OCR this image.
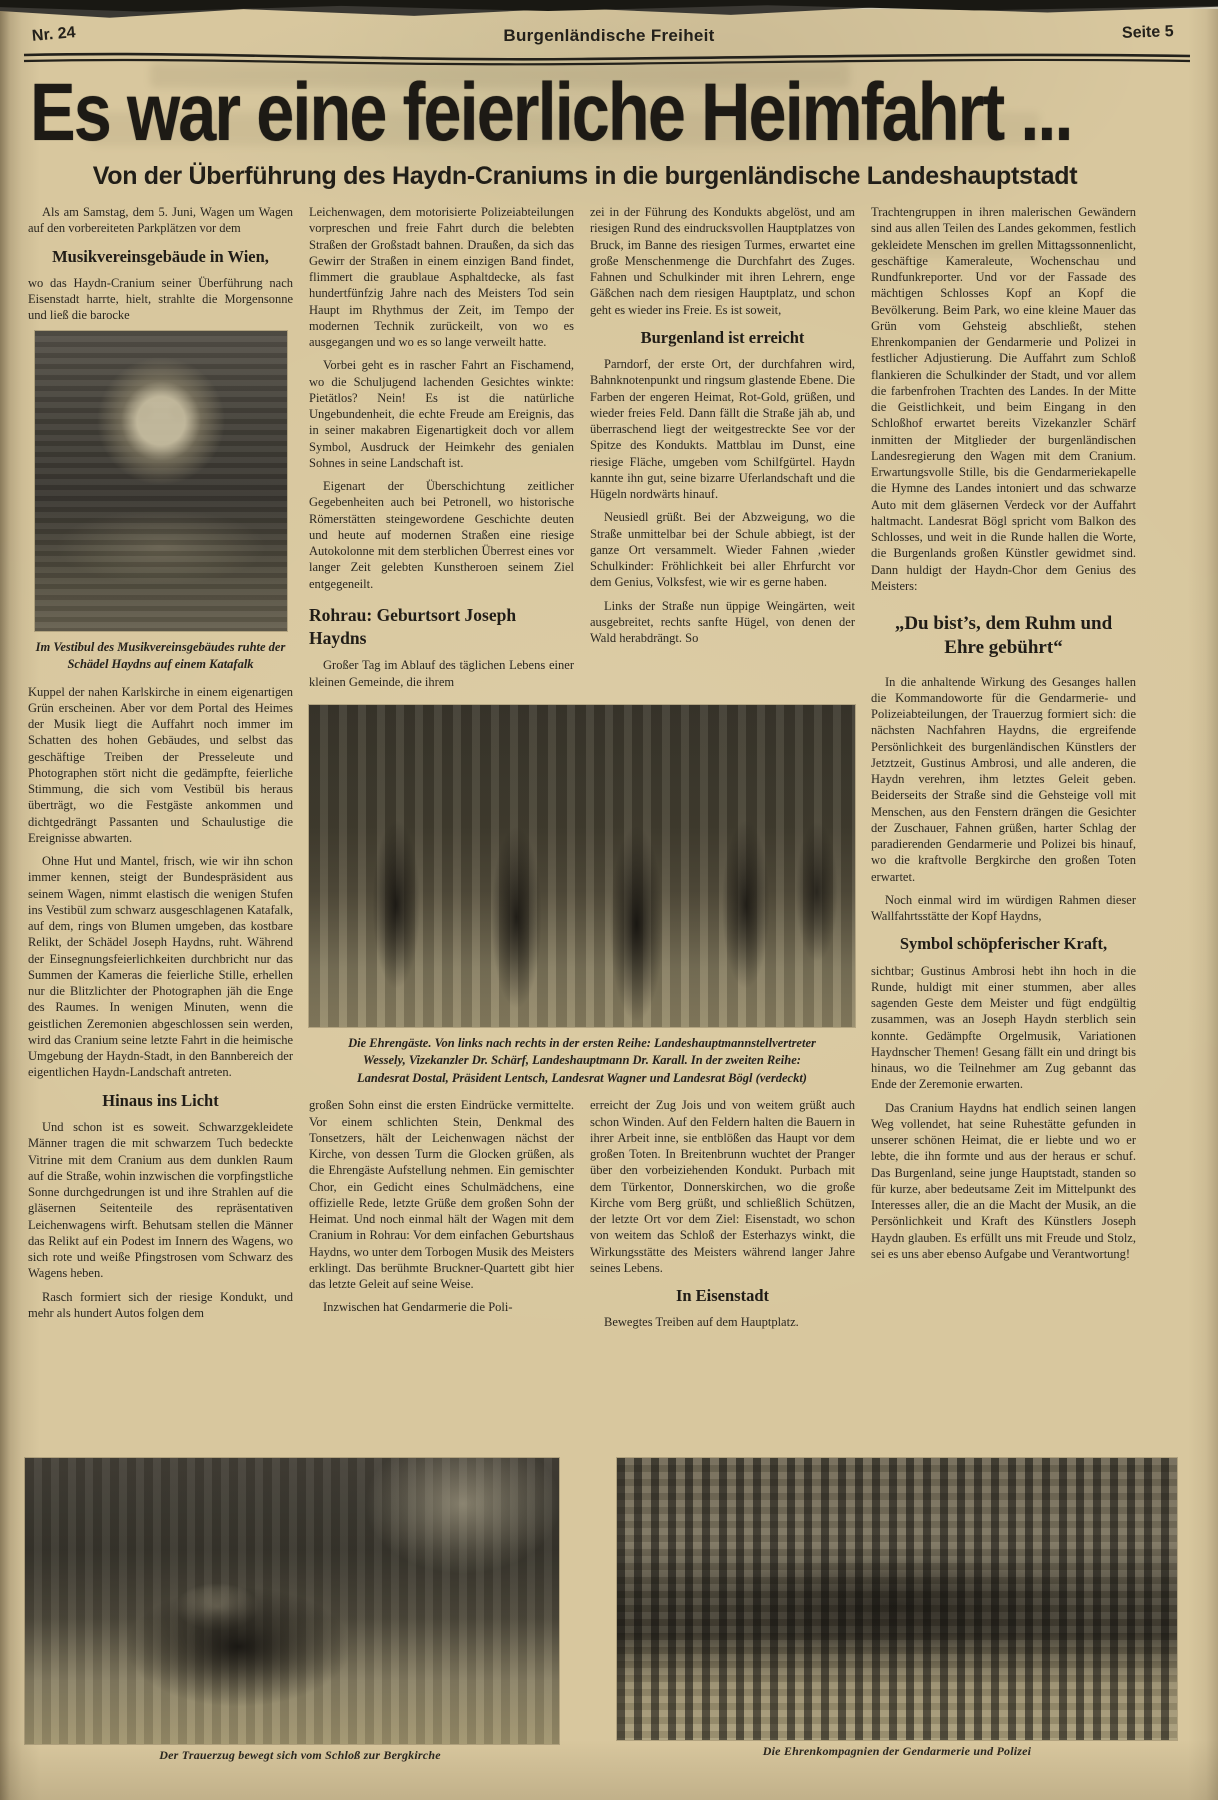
Burgenländische Freiheit
Nr. 24	Seite 5
Es war eine feierliche Heimfahrt ...
Von der Überführung des Haydn-Craniums in die burgenländische Landeshauptstadt

Als am Samstag, dem 5. Juni, Wagen um Wagen auf den vorbereiteten Parkplätzen vor dem

Musikvereinsgebäude in Wien,

wo das Haydn-Cranium seiner Überführung nach Eisenstadt harrte, hielt, strahlte die Morgensonne und ließ die barocke

Im Vestibul des Musikvereinsgebäudes ruhte der Schädel Haydns auf einem Katafalk

Kuppel der nahen Karlskirche in einem eigenartigen Grün erscheinen. Aber vor dem Portal des Heimes der Musik liegt die Auffahrt noch immer im Schatten des hohen Gebäudes, und selbst das geschäftige Treiben der Presseleute und Photographen stört nicht die gedämpfte, feierliche Stimmung, die sich vom Vestibül bis heraus überträgt, wo die Festgäste ankommen und dichtgedrängt Passanten und Schaulustige die Ereignisse abwarten.

Ohne Hut und Mantel, frisch, wie wir ihn schon immer kennen, steigt der Bundespräsident aus seinem Wagen, nimmt elastisch die wenigen Stufen ins Vestibül zum schwarz ausgeschlagenen Katafalk, auf dem, rings von Blumen umgeben, das kostbare Relikt, der Schädel Joseph Haydns, ruht. Während der Einsegnungsfeierlichkeiten durchbricht nur das Summen der Kameras die feierliche Stille, erhellen nur die Blitzlichter der Photographen jäh die Enge des Raumes. In wenigen Minuten, wenn die geistlichen Zeremonien abgeschlossen sein werden, wird das Cranium seine letzte Fahrt in die heimische Umgebung der Haydn-Stadt, in den Bannbereich der eigentlichen Haydn-Landschaft antreten.

Hinaus ins Licht

Und schon ist es soweit. Schwarzgekleidete Männer tragen die mit schwarzem Tuch bedeckte Vitrine mit dem Cranium aus dem dunklen Raum auf die Straße, wohin inzwischen die vorpfingstliche Sonne durchgedrungen ist und ihre Strahlen auf die gläsernen Seitenteile des repräsentativen Leichenwagens wirft. Behutsam stellen die Männer das Relikt auf ein Podest im Innern des Wagens, wo sich rote und weiße Pfingstrosen vom Schwarz des Wagens heben.

Rasch formiert sich der riesige Kondukt, und mehr als hundert Autos folgen dem

Leichenwagen, dem motorisierte Polizeiabteilungen vorpreschen und freie Fahrt durch die belebten Straßen der Großstadt bahnen. Draußen, da sich das Gewirr der Straßen in einem einzigen Band findet, flimmert die graublaue Asphaltdecke, als fast hundertfünfzig Jahre nach des Meisters Tod sein Haupt im Rhythmus der Zeit, im Tempo der modernen Technik zurückeilt, von wo es ausgegangen und wo es so lange verweilt hatte.

Vorbei geht es in rascher Fahrt an Fischamend, wo die Schuljugend lachenden Gesichtes winkte: Pietätlos? Nein! Es ist die natürliche Ungebundenheit, die echte Freude am Ereignis, das in seiner makabren Eigenartigkeit doch vor allem Symbol, Ausdruck der Heimkehr des genialen Sohnes in seine Landschaft ist.

Eigenart der Überschichtung zeitlicher Gegebenheiten auch bei Petronell, wo historische Römerstätten steingewordene Geschichte deuten und heute auf modernen Straßen eine riesige Autokolonne mit dem sterblichen Überrest eines vor langer Zeit gelebten Kunstheroen seinem Ziel entgegeneilt.

Rohrau: Geburtsort Joseph Haydns

Großer Tag im Ablauf des täglichen Lebens einer kleinen Gemeinde, die ihrem

zei in der Führung des Kondukts abgelöst, und am riesigen Rund des eindrucksvollen Hauptplatzes von Bruck, im Banne des riesigen Turmes, erwartet eine große Menschenmenge die Durchfahrt des Zuges. Fahnen und Schulkinder mit ihren Lehrern, enge Gäßchen nach dem riesigen Hauptplatz, und schon geht es wieder ins Freie. Es ist soweit,

Burgenland ist erreicht

Parndorf, der erste Ort, der durchfahren wird, Bahnknotenpunkt und ringsum glastende Ebene. Die Farben der engeren Heimat, Rot-Gold, grüßen, und wieder freies Feld. Dann fällt die Straße jäh ab, und überraschend liegt der weitgestreckte See vor der Spitze des Kondukts. Mattblau im Dunst, eine riesige Fläche, umgeben vom Schilfgürtel. Haydn kannte ihn gut, seine bizarre Uferlandschaft und die Hügeln nordwärts hinauf.

Neusiedl grüßt. Bei der Abzweigung, wo die Straße unmittelbar bei der Schule abbiegt, ist der ganze Ort versammelt. Wieder Fahnen ,wieder Schulkinder: Fröhlichkeit bei aller Ehrfurcht vor dem Genius, Volksfest, wie wir es gerne haben.

Links der Straße nun üppige Weingärten, weit ausgebreitet, rechts sanfte Hügel, von denen der Wald herabdrängt. So

Die Ehrengäste. Von links nach rechts in der ersten Reihe: Landeshauptmannstellvertreter Wessely, Vizekanzler Dr. Schärf, Landeshauptmann Dr. Karall. In der zweiten Reihe: Landesrat Dostal, Präsident Lentsch, Landesrat Wagner und Landesrat Bögl (verdeckt)

großen Sohn einst die ersten Eindrücke vermittelte. Vor einem schlichten Stein, Denkmal des Tonsetzers, hält der Leichenwagen nächst der Kirche, von dessen Turm die Glocken grüßen, als die Ehrengäste Aufstellung nehmen. Ein gemischter Chor, ein Gedicht eines Schulmädchens, eine offizielle Rede, letzte Grüße dem großen Sohn der Heimat. Und noch einmal hält der Wagen mit dem Cranium in Rohrau: Vor dem einfachen Geburtshaus Haydns, wo unter dem Torbogen Musik des Meisters erklingt. Das berühmte Bruckner-Quartett gibt hier das letzte Geleit auf seine Weise.

Inzwischen hat Gendarmerie die Poli-

erreicht der Zug Jois und von weitem grüßt auch schon Winden. Auf den Feldern halten die Bauern in ihrer Arbeit inne, sie entblößen das Haupt vor dem großen Toten. In Breitenbrunn wuchtet der Pranger über den vorbeiziehenden Kondukt. Purbach mit dem Türkentor, Donnerskirchen, wo die große Kirche vom Berg grüßt, und schließlich Schützen, der letzte Ort vor dem Ziel: Eisenstadt, wo schon von weitem das Schloß der Esterhazys winkt, die Wirkungsstätte des Meisters während langer Jahre seines Lebens.

In Eisenstadt

Bewegtes Treiben auf dem Hauptplatz.

Trachtengruppen in ihren malerischen Gewändern sind aus allen Teilen des Landes gekommen, festlich gekleidete Menschen im grellen Mittagssonnenlicht, geschäftige Kameraleute, Wochenschau und Rundfunkreporter. Und vor der Fassade des mächtigen Schlosses Kopf an Kopf die Bevölkerung. Beim Park, wo eine kleine Mauer das Grün vom Gehsteig abschließt, stehen Ehrenkompanien der Gendarmerie und Polizei in festlicher Adjustierung. Die Auffahrt zum Schloß flankieren die Schulkinder der Stadt, und vor allem die farbenfrohen Trachten des Landes. In der Mitte die Geistlichkeit, und beim Eingang in den Schloßhof erwartet bereits Vizekanzler Schärf inmitten der Mitglieder der burgenländischen Landesregierung den Wagen mit dem Cranium. Erwartungsvolle Stille, bis die Gendarmeriekapelle die Hymne des Landes intoniert und das schwarze Auto mit dem gläsernen Verdeck vor der Auffahrt haltmacht. Landesrat Bögl spricht vom Balkon des Schlosses, und weit in die Runde hallen die Worte, die Burgenlands großen Künstler gewidmet sind. Dann huldigt der Haydn-Chor dem Genius des Meisters:

„Du bist’s, dem Ruhm und Ehre gebührt“

In die anhaltende Wirkung des Gesanges hallen die Kommandoworte für die Gendarmerie- und Polizeiabteilungen, der Trauerzug formiert sich: die nächsten Nachfahren Haydns, die ergreifende Persönlichkeit des burgenländischen Künstlers der Jetztzeit, Gustinus Ambrosi, und alle anderen, die Haydn verehren, ihm letztes Geleit geben. Beiderseits der Straße sind die Gehsteige voll mit Menschen, aus den Fenstern drängen die Gesichter der Zuschauer, Fahnen grüßen, harter Schlag der paradierenden Gendarmerie und Polizei bis hinauf, wo die kraftvolle Bergkirche den großen Toten erwartet.

Noch einmal wird im würdigen Rahmen dieser Wallfahrtsstätte der Kopf Haydns,

Symbol schöpferischer Kraft,

sichtbar; Gustinus Ambrosi hebt ihn hoch in die Runde, huldigt mit einer stummen, aber alles sagenden Geste dem Meister und fügt endgültig zusammen, was an Joseph Haydn sterblich sein konnte. Gedämpfte Orgelmusik, Variationen Haydnscher Themen! Gesang fällt ein und dringt bis hinaus, wo die Teilnehmer am Zug gebannt das Ende der Zeremonie erwarten.

Das Cranium Haydns hat endlich seinen langen Weg vollendet, hat seine Ruhestätte gefunden in unserer schönen Heimat, die er liebte und wo er lebte, die ihn formte und aus der heraus er schuf. Das Burgenland, seine junge Hauptstadt, standen so für kurze, aber bedeutsame Zeit im Mittelpunkt des Interesses aller, die an die Macht der Musik, an die Persönlichkeit und Kraft des Künstlers Joseph Haydn glauben. Es erfüllt uns mit Freude und Stolz, sei es uns aber ebenso Aufgabe und Verantwortung!

Der Trauerzug bewegt sich vom Schloß zur Bergkirche	Die Ehrenkompagnien der Gendarmerie und Polizei
